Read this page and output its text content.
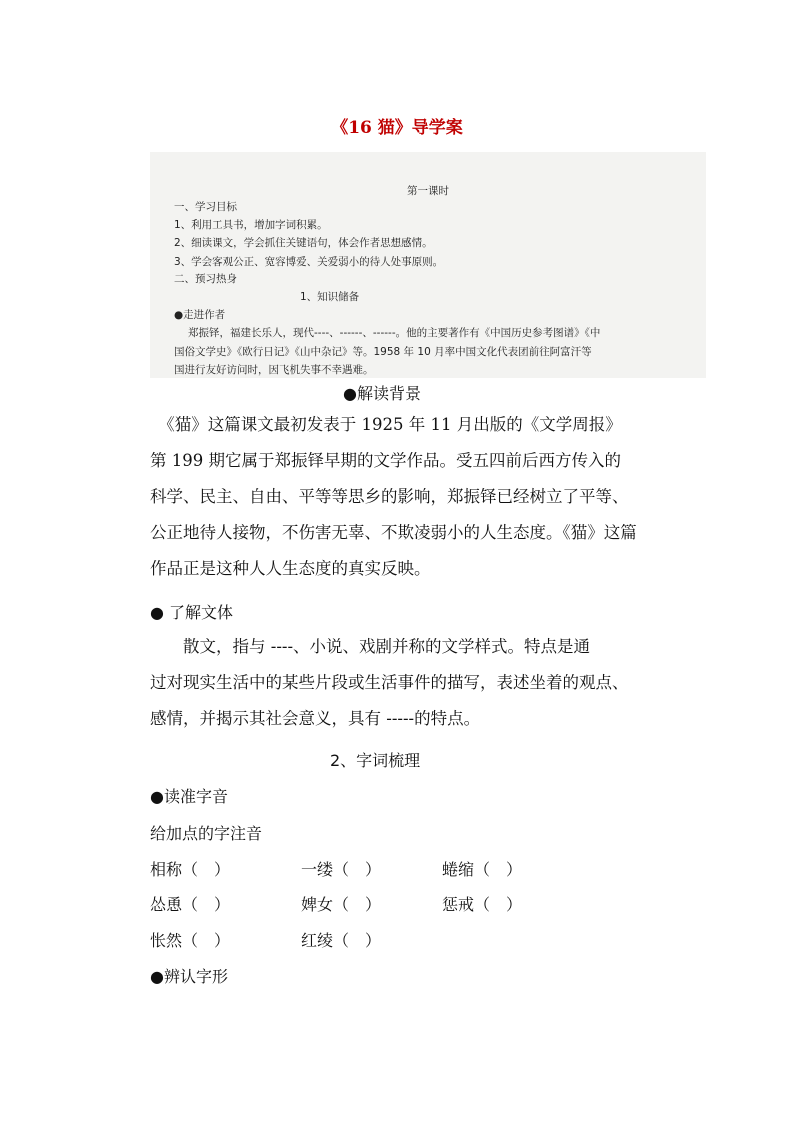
《16 猫》导学案
第一课时
一、学习目标
1、利用工具书，增加字词积累。
2、细读课文，学会抓住关键语句，体会作者思想感情。
3、学会客观公正、宽容博爱、关爱弱小的待人处事原则。
二、预习热身
1、知识储备
●走进作者
郑振铎，福建长乐人，现代----、------、------。他的主要著作有《中国历史参考图谱》《中
国俗文学史》《欧行日记》《山中杂记》等。1958 年 10 月率中国文化代表团前往阿富汗等
国进行友好访问时，因飞机失事不幸遇难。
●解读背景
　《猫》这篇课文最初发表于 1925 年 11 月出版的《文学周报》
第 199 期它属于郑振铎早期的文学作品。受五四前后西方传入的
科学、民主、自由、平等等思乡的影响，郑振铎已经树立了平等、
公正地待人接物，不伤害无辜、不欺凌弱小的人生态度。《猫》这篇
作品正是这种人人生态度的真实反映。
● 了解文体
　　散文，指与 ----、小说、戏剧并称的文学样式。特点是通
过对现实生活中的某些片段或生活事件的描写，表述坐着的观点、
感情，并揭示其社会意义，具有 -----的特点。
2、字词梳理
●读准字音
给加点的字注音
相称（　）	一缕（　）	蜷缩（　）
怂恿（　）	婢女（　）	惩戒（　）
怅然（　）	红绫（　）
●辨认字形
